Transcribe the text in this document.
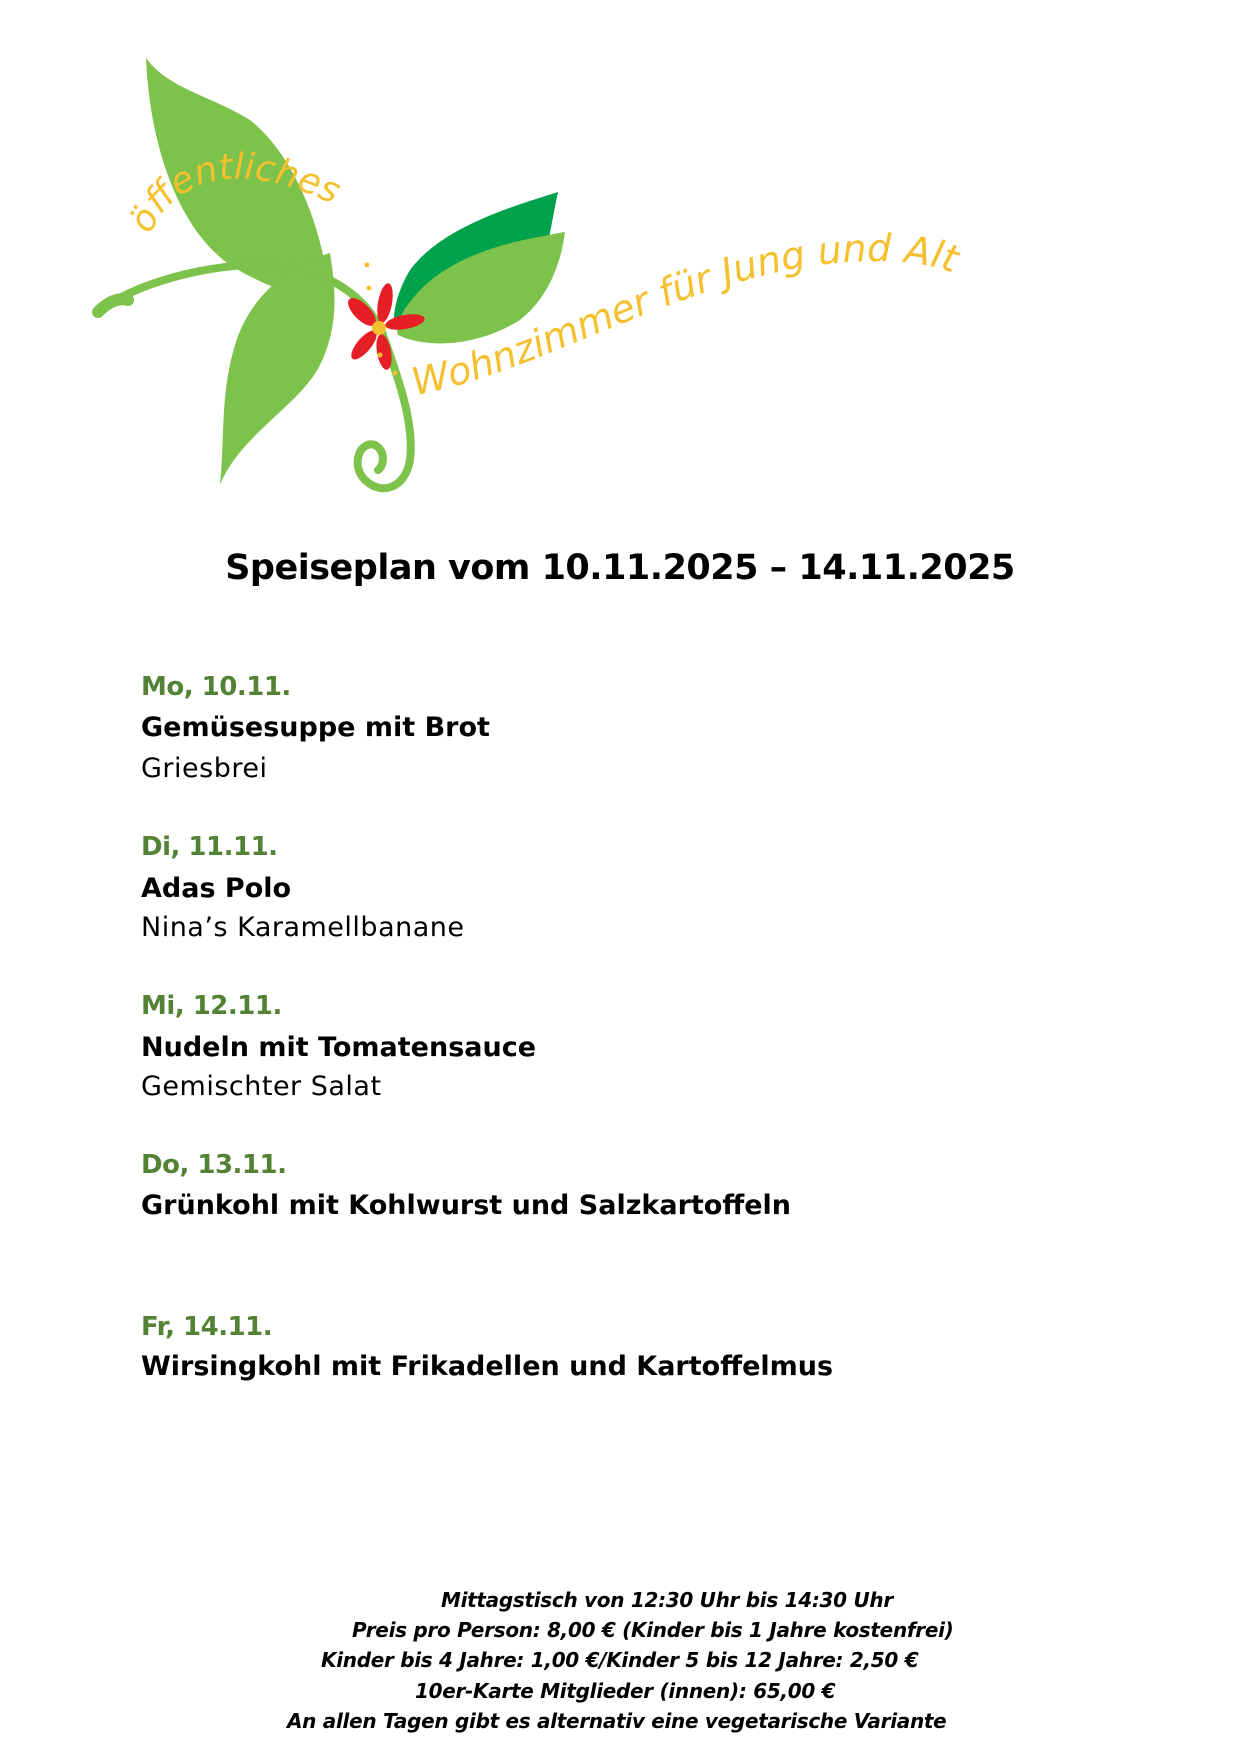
öffentliches
Wohnzimmer für Jung und Alt
Speiseplan vom 10.11.2025 – 14.11.2025
Mo, 10.11.
Gemüsesuppe mit Brot
Griesbrei
Di, 11.11.
Adas Polo
Nina’s Karamellbanane
Mi, 12.11.
Nudeln mit Tomatensauce
Gemischter Salat
Do, 13.11.
Grünkohl mit Kohlwurst und Salzkartoffeln
Fr, 14.11.
Wirsingkohl mit Frikadellen und Kartoffelmus
Mittagstisch von 12:30 Uhr bis 14:30 Uhr
Preis pro Person: 8,00 € (Kinder bis 1 Jahre kostenfrei)
Kinder bis 4 Jahre: 1,00 €/Kinder 5 bis 12 Jahre: 2,50 €
10er-Karte Mitglieder (innen): 65,00 €
An allen Tagen gibt es alternativ eine vegetarische Variante
